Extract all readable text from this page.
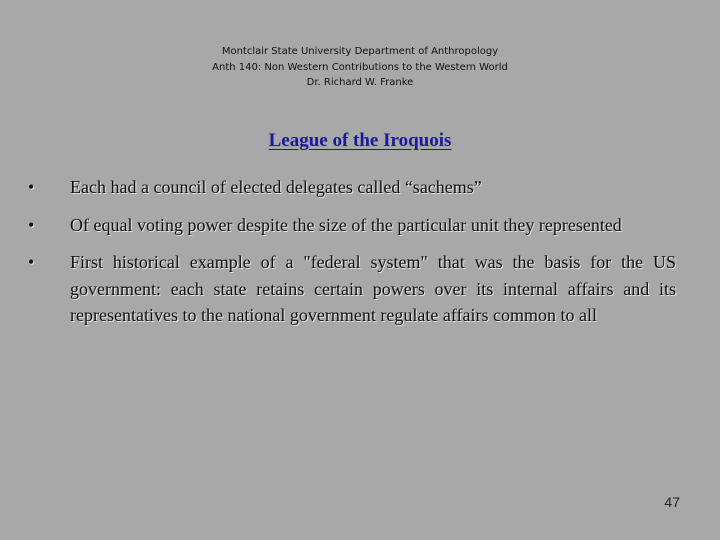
Montclair State University Department of Anthropology
Anth 140: Non Western Contributions to the Western World
Dr. Richard W. Franke
League of the Iroquois
• Each had a council of elected delegates called “sachems”
• Of equal voting power despite the size of the particular unit they represented
• First historical example of a "federal system" that was the basis for the US government: each state retains certain powers over its internal affairs and its representatives to the national government regulate affairs common to all
47
